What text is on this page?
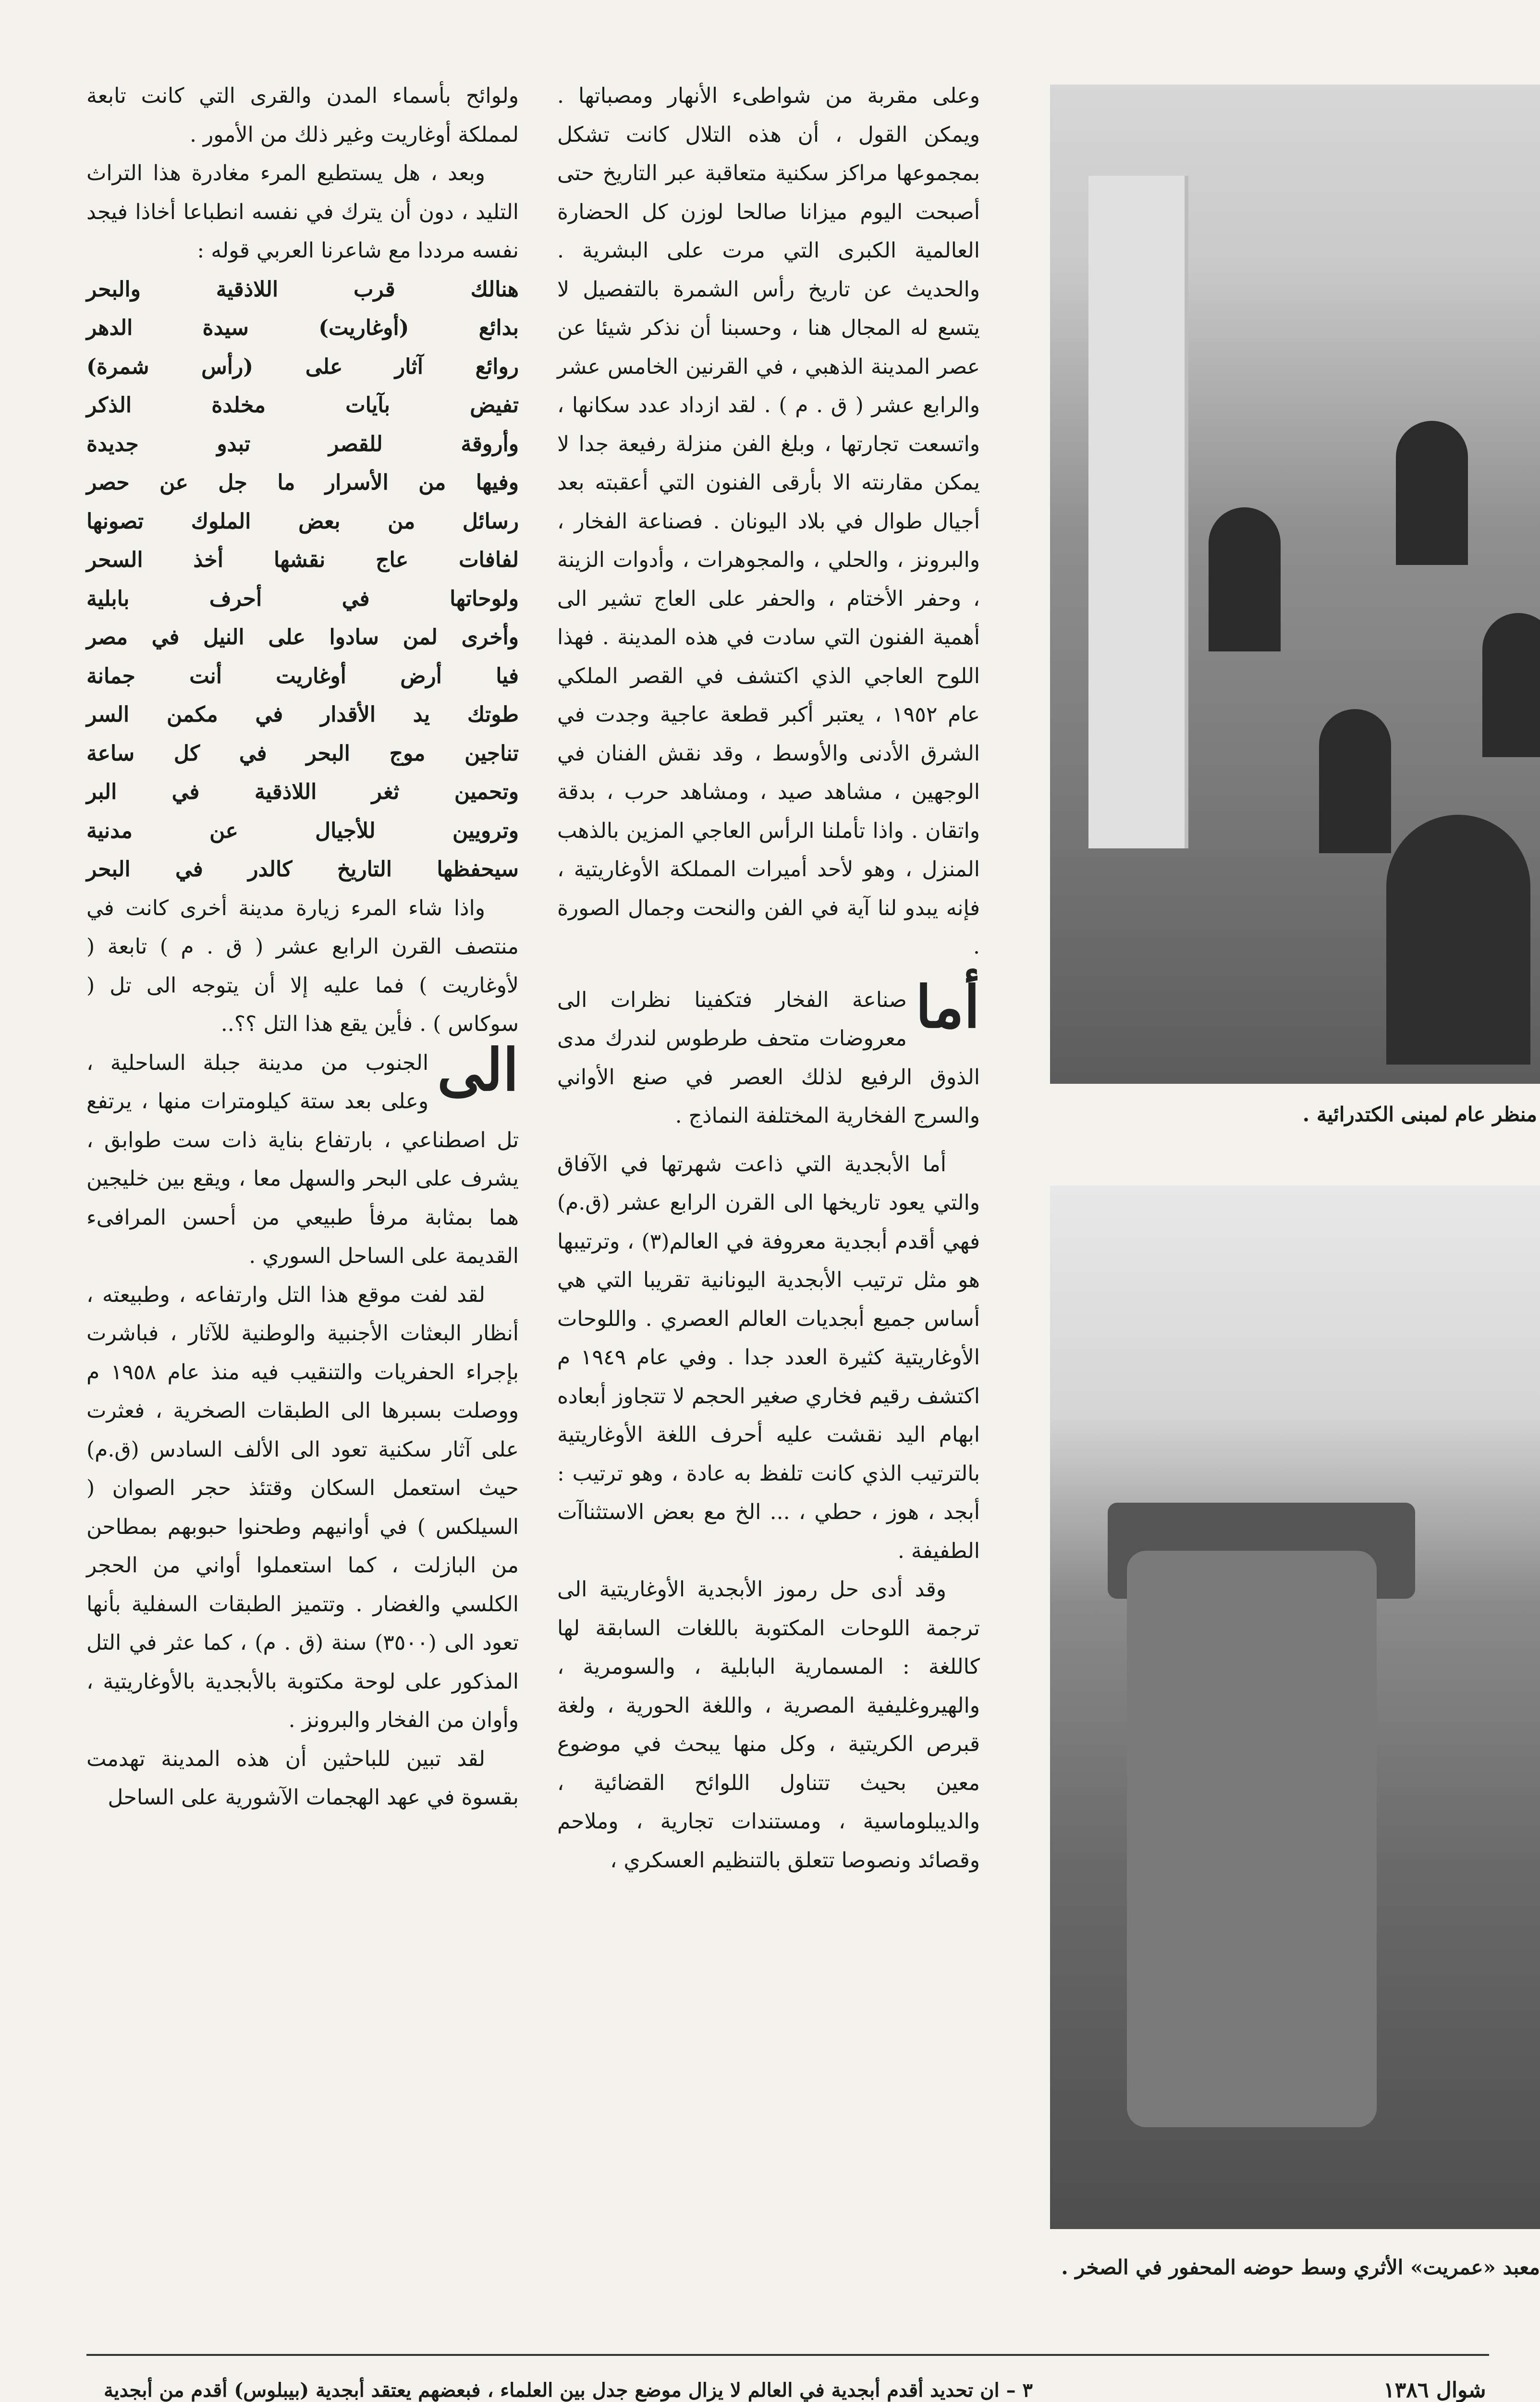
وعلى مقربة من شواطىء الأنهار ومصباتها . ويمكن القول ، أن هذه التلال كانت تشكل بمجموعها مراكز سكنية متعاقبة عبر التاريخ حتى أصبحت اليوم ميزانا صالحا لوزن كل الحضارة العالمية الكبرى التي مرت على البشرية . والحديث عن تاريخ رأس الشمرة بالتفصيل لا يتسع له المجال هنا ، وحسبنا أن نذكر شيئا عن عصر المدينة الذهبي ، في القرنين الخامس عشر والرابع عشر ( ق . م ) . لقد ازداد عدد سكانها ، واتسعت تجارتها ، وبلغ الفن منزلة رفيعة جدا لا يمكن مقارنته الا بأرقى الفنون التي أعقبته بعد أجيال طوال في بلاد اليونان . فصناعة الفخار ، والبرونز ، والحلي ، والمجوهرات ، وأدوات الزينة ، وحفر الأختام ، والحفر على العاج تشير الى أهمية الفنون التي سادت في هذه المدينة . فهذا اللوح العاجي الذي اكتشف في القصر الملكي عام ١٩٥٢ ، يعتبر أكبر قطعة عاجية وجدت في الشرق الأدنى والأوسط ، وقد نقش الفنان في الوجهين ، مشاهد صيد ، ومشاهد حرب ، بدقة واتقان . واذا تأملنا الرأس العاجي المزين بالذهب المنزل ، وهو لأحد أميرات المملكة الأوغاريتية ، فإنه يبدو لنا آية في الفن والنحت وجمال الصورة .

أما
صناعة الفخار فتكفينا نظرات الى معروضات متحف طرطوس لندرك مدى الذوق الرفيع لذلك العصر في صنع الأواني والسرج الفخارية المختلفة النماذج .

أما الأبجدية التي ذاعت شهرتها في الآفاق والتي يعود تاريخها الى القرن الرابع عشر (ق.م) فهي أقدم أبجدية معروفة في العالم(٣) ، وترتيبها هو مثل ترتيب الأبجدية اليونانية تقريبا التي هي أساس جميع أبجديات العالم العصري . واللوحات الأوغاريتية كثيرة العدد جدا . وفي عام ١٩٤٩ م اكتشف رقيم فخاري صغير الحجم لا تتجاوز أبعاده ابهام اليد نقشت عليه أحرف اللغة الأوغاريتية بالترتيب الذي كانت تلفظ به عادة ، وهو ترتيب : أبجد ، هوز ، حطي ، ... الخ مع بعض الاستثناآت الطفيفة .

وقد أدى حل رموز الأبجدية الأوغاريتية الى ترجمة اللوحات المكتوبة باللغات السابقة لها كاللغة : المسمارية البابلية ، والسومرية ، والهيروغليفية المصرية ، واللغة الحورية ، ولغة قبرص الكريتية ، وكل منها يبحث في موضوع معين بحيث تتناول اللوائح القضائية ، والديبلوماسية ، ومستندات تجارية ، وملاحم وقصائد ونصوصا تتعلق بالتنظيم العسكري ،

ولوائح بأسماء المدن والقرى التي كانت تابعة لمملكة أوغاريت وغير ذلك من الأمور .

وبعد ، هل يستطيع المرء مغادرة هذا التراث التليد ، دون أن يترك في نفسه انطباعا أخاذا فيجد نفسه مرددا مع شاعرنا العربي قوله :

هنالك قرب اللاذقية والبحر
بدائع (أوغاريت) سيدة الدهر
روائع آثار على (رأس شمرة)
تفيض بآيات مخلدة الذكر
وأروقة للقصر تبدو جديدة
وفيها من الأسرار ما جل عن حصر
رسائل من بعض الملوك تصونها
لفافات عاج نقشها أخذ السحر
ولوحاتها في أحرف بابلية
وأخرى لمن سادوا على النيل في مصر
فيا أرض أوغاريت أنت جمانة
طوتك يد الأقدار في مكمن السر
تناجين موج البحر في كل ساعة
وتحمين ثغر اللاذقية في البر
وترويين للأجيال عن مدنية
سيحفظها التاريخ كالدر في البحر

واذا شاء المرء زيارة مدينة أخرى كانت في منتصف القرن الرابع عشر ( ق . م ) تابعة ( لأوغاريت ) فما عليه إلا أن يتوجه الى تل ( سوكاس ) . فأين يقع هذا التل ؟؟..

الى
الجنوب من مدينة جبلة الساحلية ، وعلى بعد ستة كيلومترات منها ، يرتفع تل اصطناعي ، بارتفاع بناية ذات ست طوابق ، يشرف على البحر والسهل معا ، ويقع بين خليجين هما بمثابة مرفأ طبيعي من أحسن المرافىء القديمة على الساحل السوري .

لقد لفت موقع هذا التل وارتفاعه ، وطبيعته ، أنظار البعثات الأجنبية والوطنية للآثار ، فباشرت بإجراء الحفريات والتنقيب فيه منذ عام ١٩٥٨ م ووصلت بسبرها الى الطبقات الصخرية ، فعثرت على آثار سكنية تعود الى الألف السادس (ق.م) حيث استعمل السكان وقتئذ حجر الصوان ( السيلكس ) في أوانيهم وطحنوا حبوبهم بمطاحن من البازلت ، كما استعملوا أواني من الحجر الكلسي والغضار . وتتميز الطبقات السفلية بأنها تعود الى (٣٥٠٠) سنة (ق . م) ، كما عثر في التل المذكور على لوحة مكتوبة بالأبجدية بالأوغاريتية ، وأوان من الفخار والبرونز .

لقد تبين للباحثين أن هذه المدينة تهدمت بقسوة في عهد الهجمات الآشورية على الساحل

منظر عام لمبنى الكتدرائية .
معبد «عمريت» الأثري وسط حوضه المحفور في الصخر .
٣ – ان تحديد أقدم أبجدية في العالم لا يزال موضع جدل بين العلماء ، فبعضهم يعتقد أبجدية (بيبلوس) أقدم من أبجدية	شوال ١٣٨٦
